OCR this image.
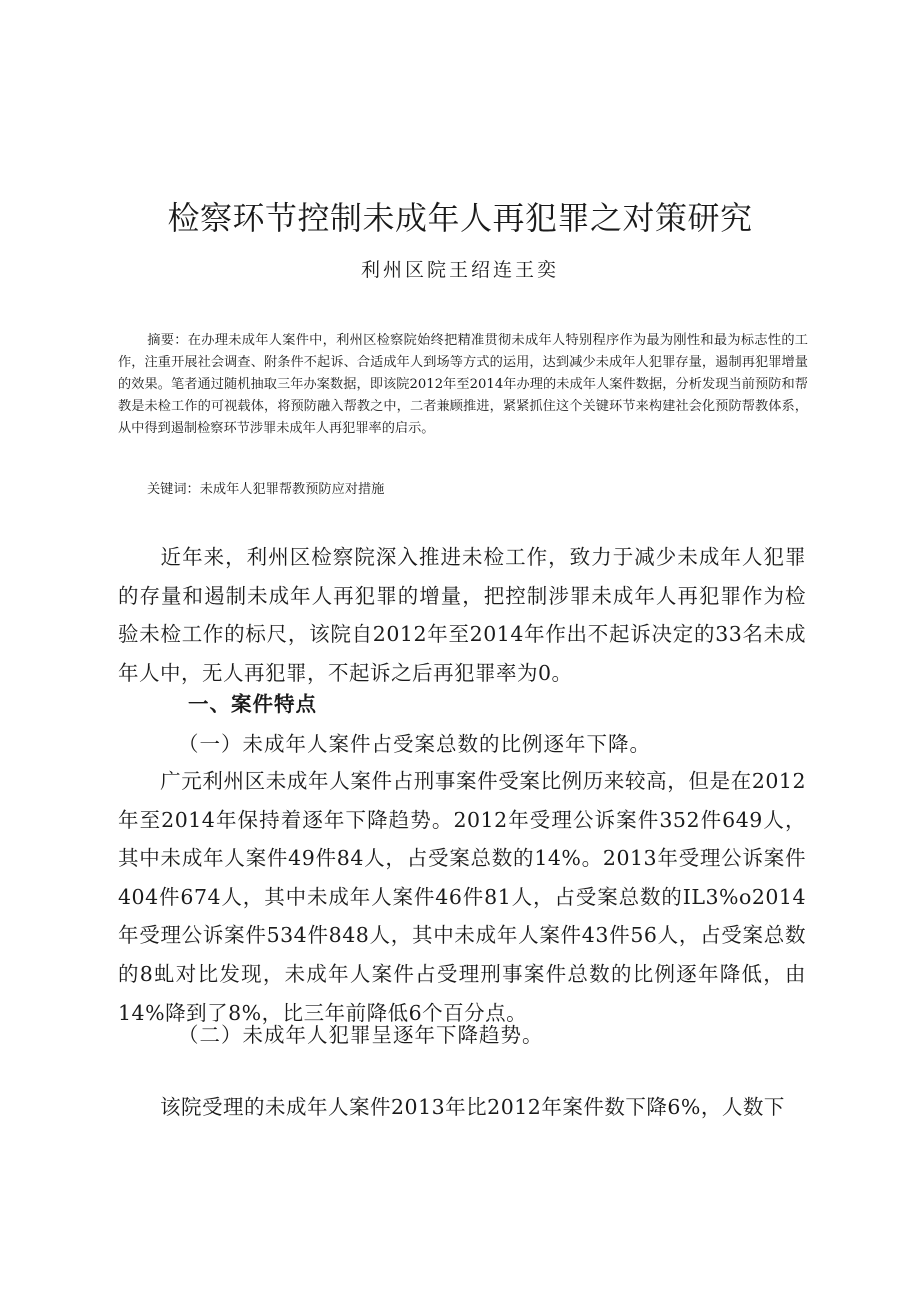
检察环节控制未成年人再犯罪之对策研究

利州区院王绍连王奕

摘要：在办理未成年人案件中，利州区检察院始终把精准贯彻未成年人特别程序作为最为刚性和最为标志性的工作，注重开展社会调查、附条件不起诉、合适成年人到场等方式的运用，达到减少未成年人犯罪存量，遏制再犯罪增量的效果。笔者通过随机抽取三年办案数据，即该院2012年至2014年办理的未成年人案件数据，分析发现当前预防和帮教是未检工作的可视载体，将预防融入帮教之中，二者兼顾推进，紧紧抓住这个关键环节来构建社会化预防帮教体系，从中得到遏制检察环节涉罪未成年人再犯罪率的启示。

关键词：未成年人犯罪帮教预防应对措施

近年来，利州区检察院深入推进未检工作，致力于减少未成年人犯罪的存量和遏制未成年人再犯罪的增量，把控制涉罪未成年人再犯罪作为检验未检工作的标尺，该院自2012年至2014年作出不起诉决定的33名未成年人中，无人再犯罪，不起诉之后再犯罪率为0。

一、案件特点

（一）未成年人案件占受案总数的比例逐年下降。

广元利州区未成年人案件占刑事案件受案比例历来较高，但是在2012年至2014年保持着逐年下降趋势。2012年受理公诉案件352件649人，其中未成年人案件49件84人，占受案总数的14%。2013年受理公诉案件404件674人，其中未成年人案件46件81人，占受案总数的IL3%o2014年受理公诉案件534件848人，其中未成年人案件43件56人，占受案总数的8虬对比发现，未成年人案件占受理刑事案件总数的比例逐年降低，由14%降到了8%，比三年前降低6个百分点。

（二）未成年人犯罪呈逐年下降趋势。

该院受理的未成年人案件2013年比2012年案件数下降6%，人数下
